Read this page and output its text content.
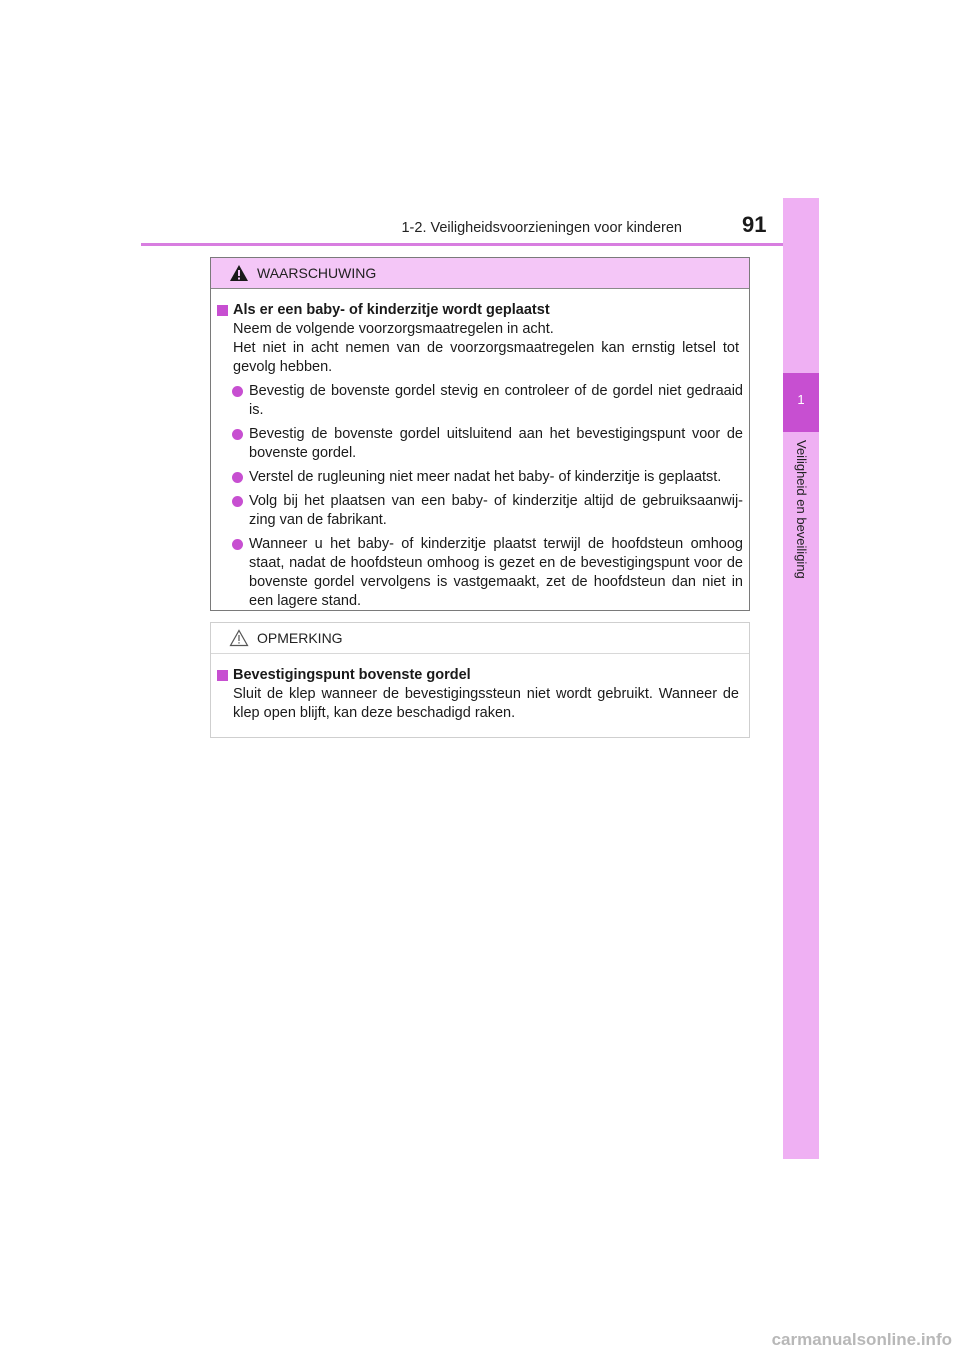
1-2. Veiligheidsvoorzieningen voor kinderen	91
1
Veiligheid en beveiliging
WAARSCHUWING
Als er een baby- of kinderzitje wordt geplaatst
Neem de volgende voorzorgsmaatregelen in acht.
Het niet in acht nemen van de voorzorgsmaatregelen kan ernstig letsel tot gevolg hebben.
Bevestig de bovenste gordel stevig en controleer of de gordel niet gedraaid is.
Bevestig de bovenste gordel uitsluitend aan het bevestigingspunt voor de bovenste gordel.
Verstel de rugleuning niet meer nadat het baby- of kinderzitje is geplaatst.
Volg bij het plaatsen van een baby- of kinderzitje altijd de gebruiksaanwij-zing van de fabrikant.
Wanneer u het baby- of kinderzitje plaatst terwijl de hoofdsteun omhoog staat, nadat de hoofdsteun omhoog is gezet en de bevestigingspunt voor de bovenste gordel vervolgens is vastgemaakt, zet de hoofdsteun dan niet in een lagere stand.
OPMERKING
Bevestigingspunt bovenste gordel
Sluit de klep wanneer de bevestigingssteun niet wordt gebruikt. Wanneer de klep open blijft, kan deze beschadigd raken.
carmanualsonline.info
